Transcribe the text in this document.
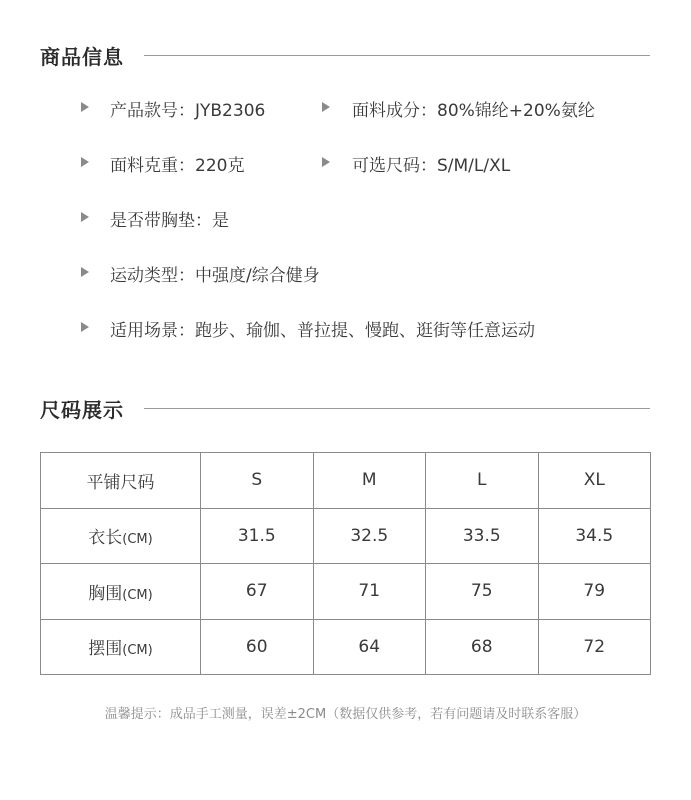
商品信息
产品款号：JYB2306	面料成分：80%锦纶+20%氨纶
面料克重：220克	可选尺码：S/M/L/XL
是否带胸垫：是
运动类型：中强度/综合健身
适用场景：跑步、瑜伽、普拉提、慢跑、逛街等任意运动
尺码展示
平铺尺码	S	M	L	XL
衣长(CM)	31.5	32.5	33.5	34.5
胸围(CM)	67	71	75	79
摆围(CM)	60	64	68	72
温馨提示：成品手工测量，误差±2CM（数据仅供参考，若有问题请及时联系客服）
